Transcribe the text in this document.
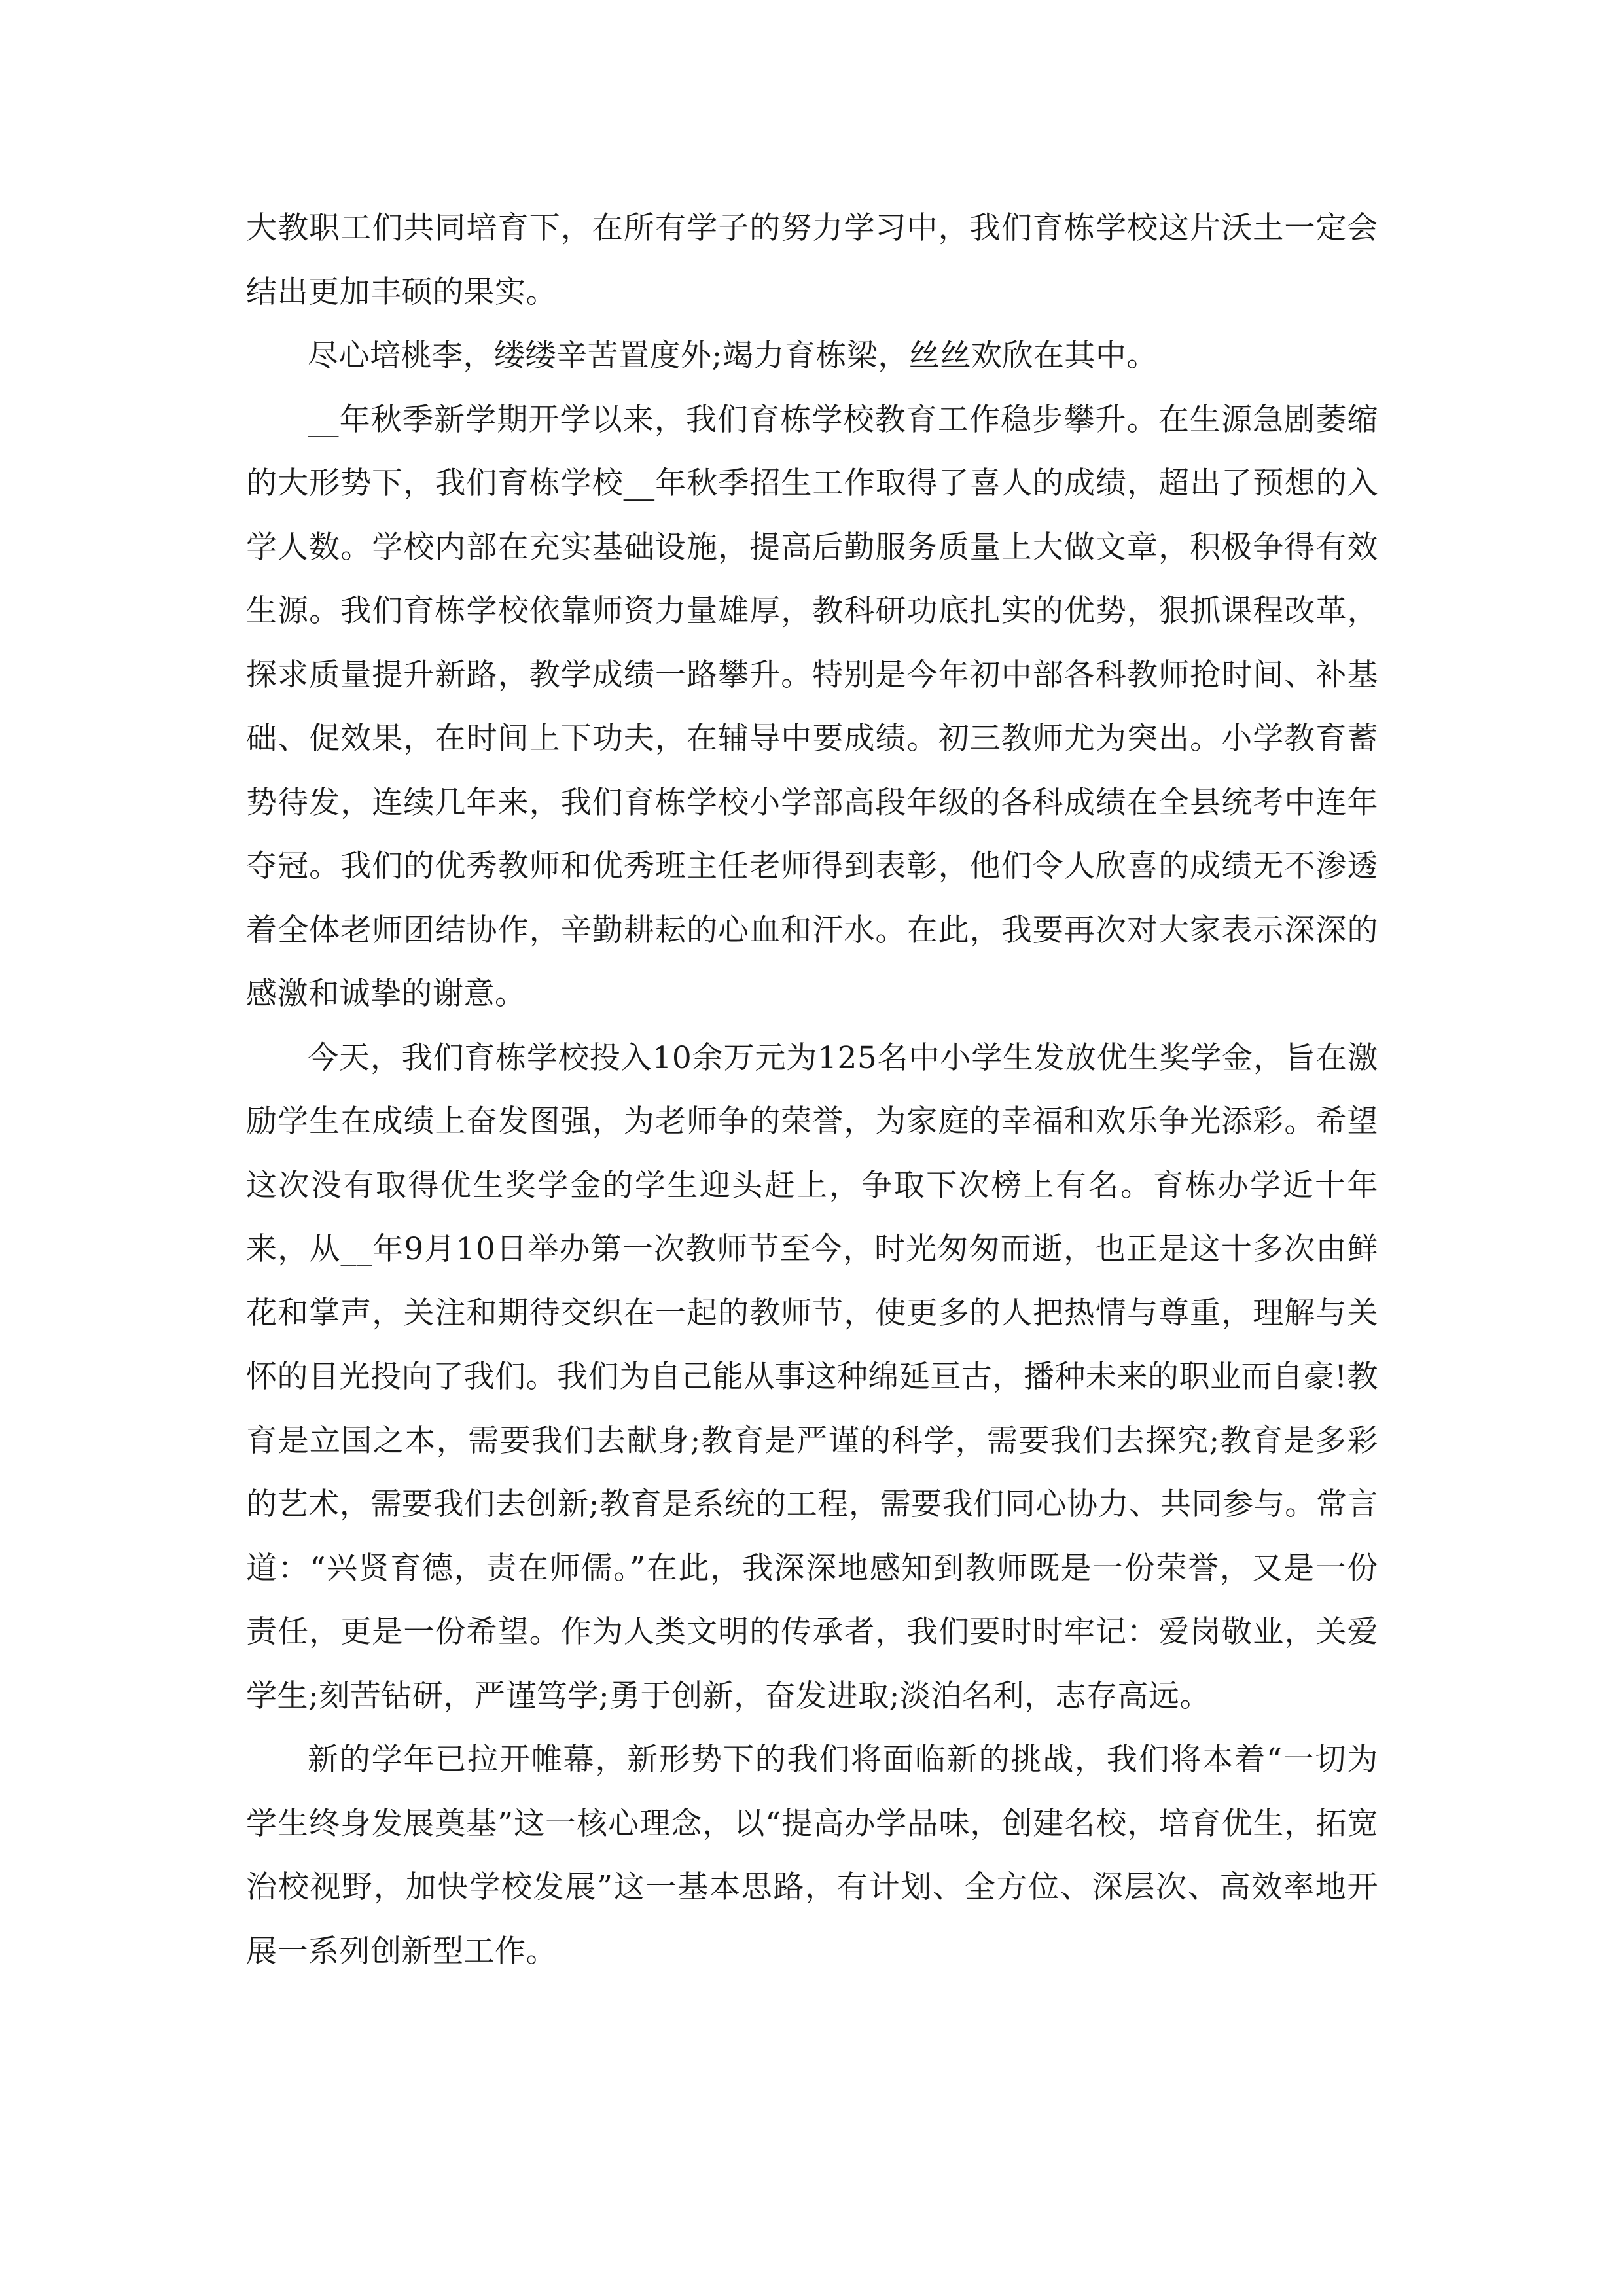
大教职工们共同培育下，在所有学子的努力学习中，我们育栋学校这片沃土一定会结出更加丰硕的果实。

尽心培桃李，缕缕辛苦置度外;竭力育栋梁，丝丝欢欣在其中。

__年秋季新学期开学以来，我们育栋学校教育工作稳步攀升。在生源急剧萎缩的大形势下，我们育栋学校__年秋季招生工作取得了喜人的成绩，超出了预想的入学人数。学校内部在充实基础设施，提高后勤服务质量上大做文章，积极争得有效生源。我们育栋学校依靠师资力量雄厚，教科研功底扎实的优势，狠抓课程改革，探求质量提升新路，教学成绩一路攀升。特别是今年初中部各科教师抢时间、补基础、促效果，在时间上下功夫，在辅导中要成绩。初三教师尤为突出。小学教育蓄势待发，连续几年来，我们育栋学校小学部高段年级的各科成绩在全县统考中连年夺冠。我们的优秀教师和优秀班主任老师得到表彰，他们令人欣喜的成绩无不渗透着全体老师团结协作，辛勤耕耘的心血和汗水。在此，我要再次对大家表示深深的感激和诚挚的谢意。

今天，我们育栋学校投入10余万元为125名中小学生发放优生奖学金，旨在激励学生在成绩上奋发图强，为老师争的荣誉，为家庭的幸福和欢乐争光添彩。希望这次没有取得优生奖学金的学生迎头赶上，争取下次榜上有名。育栋办学近十年来，从__年9月10日举办第一次教师节至今，时光匆匆而逝，也正是这十多次由鲜花和掌声，关注和期待交织在一起的教师节，使更多的人把热情与尊重，理解与关怀的目光投向了我们。我们为自己能从事这种绵延亘古，播种未来的职业而自豪!教育是立国之本，需要我们去献身;教育是严谨的科学，需要我们去探究;教育是多彩的艺术，需要我们去创新;教育是系统的工程，需要我们同心协力、共同参与。常言道：“兴贤育德，责在师儒。”在此，我深深地感知到教师既是一份荣誉，又是一份责任，更是一份希望。作为人类文明的传承者，我们要时时牢记：爱岗敬业，关爱学生;刻苦钻研，严谨笃学;勇于创新，奋发进取;淡泊名利，志存高远。

新的学年已拉开帷幕，新形势下的我们将面临新的挑战，我们将本着“一切为学生终身发展奠基”这一核心理念，以“提高办学品味，创建名校，培育优生，拓宽治校视野，加快学校发展”这一基本思路，有计划、全方位、深层次、高效率地开展一系列创新型工作。
